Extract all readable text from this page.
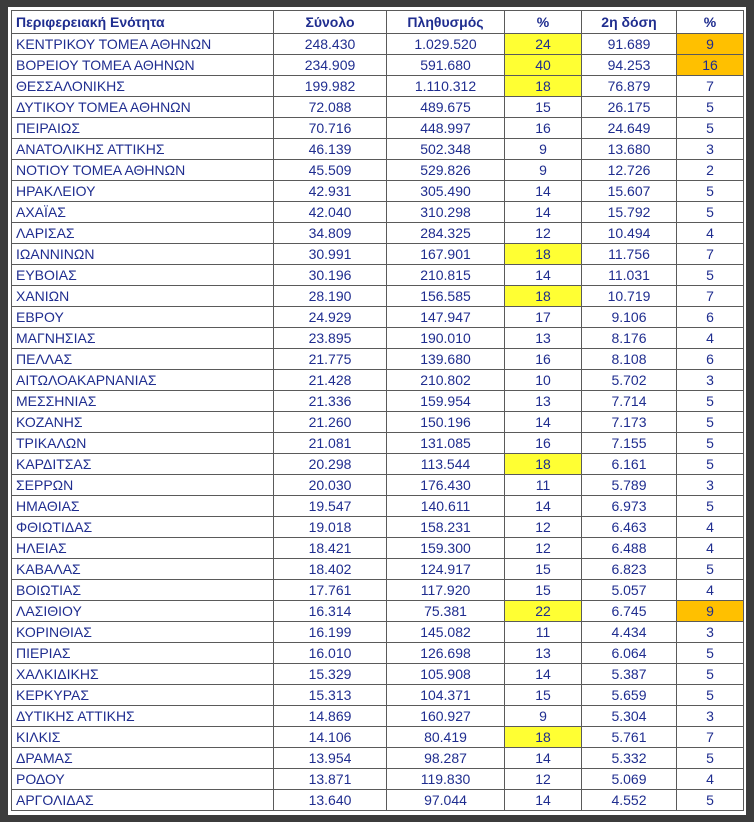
Περιφερειακή Ενότητα	Σύνολο	Πληθυσμός	%	2η δόση	%
ΚΕΝΤΡΙΚΟΥ ΤΟΜΕΑ ΑΘΗΝΩΝ	248.430	1.029.520	24	91.689	9
ΒΟΡΕΙΟΥ ΤΟΜΕΑ ΑΘΗΝΩΝ	234.909	591.680	40	94.253	16
ΘΕΣΣΑΛΟΝΙΚΗΣ	199.982	1.110.312	18	76.879	7
ΔΥΤΙΚΟΥ ΤΟΜΕΑ ΑΘΗΝΩΝ	72.088	489.675	15	26.175	5
ΠΕΙΡΑΙΩΣ	70.716	448.997	16	24.649	5
ΑΝΑΤΟΛΙΚΗΣ ΑΤΤΙΚΗΣ	46.139	502.348	9	13.680	3
ΝΟΤΙΟΥ ΤΟΜΕΑ ΑΘΗΝΩΝ	45.509	529.826	9	12.726	2
ΗΡΑΚΛΕΙΟΥ	42.931	305.490	14	15.607	5
ΑΧΑΪΑΣ	42.040	310.298	14	15.792	5
ΛΑΡΙΣΑΣ	34.809	284.325	12	10.494	4
ΙΩΑΝΝΙΝΩΝ	30.991	167.901	18	11.756	7
ΕΥΒΟΙΑΣ	30.196	210.815	14	11.031	5
ΧΑΝΙΩΝ	28.190	156.585	18	10.719	7
ΕΒΡΟΥ	24.929	147.947	17	9.106	6
ΜΑΓΝΗΣΙΑΣ	23.895	190.010	13	8.176	4
ΠΕΛΛΑΣ	21.775	139.680	16	8.108	6
ΑΙΤΩΛΟΑΚΑΡΝΑΝΙΑΣ	21.428	210.802	10	5.702	3
ΜΕΣΣΗΝΙΑΣ	21.336	159.954	13	7.714	5
ΚΟΖΑΝΗΣ	21.260	150.196	14	7.173	5
ΤΡΙΚΑΛΩΝ	21.081	131.085	16	7.155	5
ΚΑΡΔΙΤΣΑΣ	20.298	113.544	18	6.161	5
ΣΕΡΡΩΝ	20.030	176.430	11	5.789	3
ΗΜΑΘΙΑΣ	19.547	140.611	14	6.973	5
ΦΘΙΩΤΙΔΑΣ	19.018	158.231	12	6.463	4
ΗΛΕΙΑΣ	18.421	159.300	12	6.488	4
ΚΑΒΑΛΑΣ	18.402	124.917	15	6.823	5
ΒΟΙΩΤΙΑΣ	17.761	117.920	15	5.057	4
ΛΑΣΙΘΙΟΥ	16.314	75.381	22	6.745	9
ΚΟΡΙΝΘΙΑΣ	16.199	145.082	11	4.434	3
ΠΙΕΡΙΑΣ	16.010	126.698	13	6.064	5
ΧΑΛΚΙΔΙΚΗΣ	15.329	105.908	14	5.387	5
ΚΕΡΚΥΡΑΣ	15.313	104.371	15	5.659	5
ΔΥΤΙΚΗΣ ΑΤΤΙΚΗΣ	14.869	160.927	9	5.304	3
ΚΙΛΚΙΣ	14.106	80.419	18	5.761	7
ΔΡΑΜΑΣ	13.954	98.287	14	5.332	5
ΡΟΔΟΥ	13.871	119.830	12	5.069	4
ΑΡΓΟΛΙΔΑΣ	13.640	97.044	14	4.552	5
